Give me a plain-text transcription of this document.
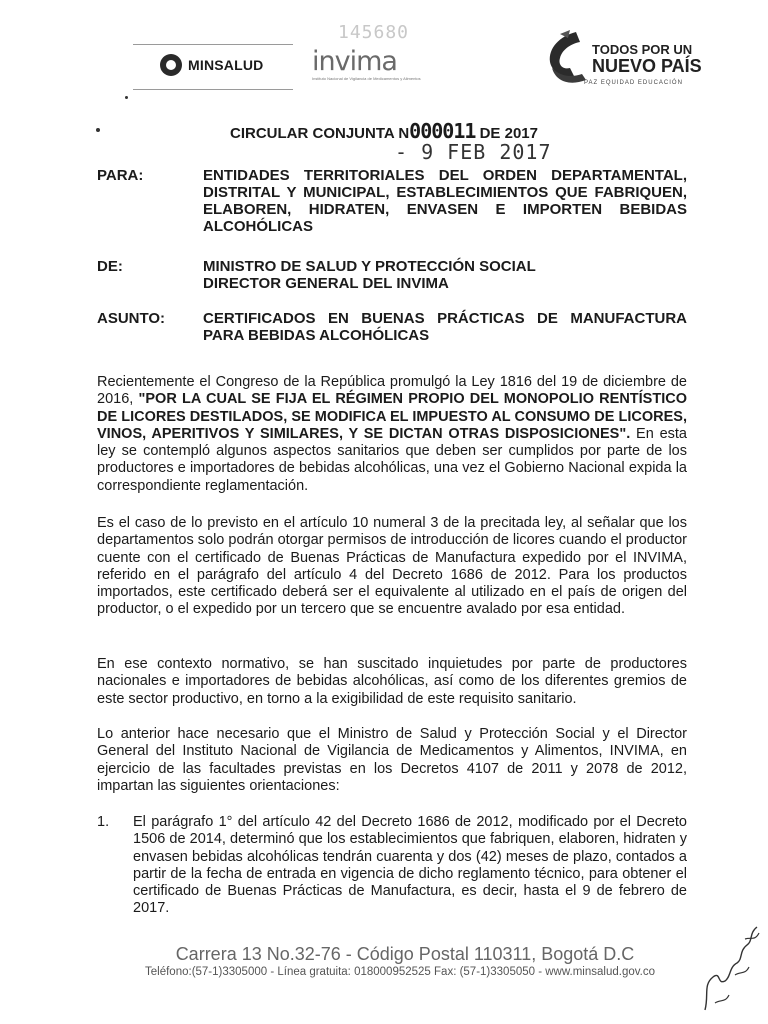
MINSALUD
145680
invima
Instituto Nacional de Vigilancia de Medicamentos y Alimentos
TODOS POR UN
NUEVO PAÍS
PAZ EQUIDAD EDUCACIÓN
CIRCULAR CONJUNTA N000011 DE 2017
- 9 FEB 2017
PARA:	ENTIDADES TERRITORIALES DEL ORDEN DEPARTAMENTAL, DISTRITAL Y MUNICIPAL, ESTABLECIMIENTOS QUE FABRIQUEN, ELABOREN, HIDRATEN, ENVASEN E IMPORTEN BEBIDAS ALCOHÓLICAS
DE:	MINISTRO DE SALUD Y PROTECCIÓN SOCIAL
DIRECTOR GENERAL DEL INVIMA
ASUNTO:	CERTIFICADOS EN BUENAS PRÁCTICAS DE MANUFACTURA PARA BEBIDAS ALCOHÓLICAS
Recientemente el Congreso de la República promulgó la Ley 1816 del 19 de diciembre de 2016, "POR LA CUAL SE FIJA EL RÉGIMEN PROPIO DEL MONOPOLIO RENTÍSTICO DE LICORES DESTILADOS, SE MODIFICA EL IMPUESTO AL CONSUMO DE LICORES, VINOS, APERITIVOS Y SIMILARES, Y SE DICTAN OTRAS DISPOSICIONES". En esta ley se contempló algunos aspectos sanitarios que deben ser cumplidos por parte de los productores e importadores de bebidas alcohólicas, una vez el Gobierno Nacional expida la correspondiente reglamentación.
Es el caso de lo previsto en el artículo 10 numeral 3 de la precitada ley, al señalar que los departamentos solo podrán otorgar permisos de introducción de licores cuando el productor cuente con el certificado de Buenas Prácticas de Manufactura expedido por el INVIMA, referido en el parágrafo del artículo 4 del Decreto 1686 de 2012. Para los productos importados, este certificado deberá ser el equivalente al utilizado en el país de origen del productor, o el expedido por un tercero que se encuentre avalado por esa entidad.
En ese contexto normativo, se han suscitado inquietudes por parte de productores nacionales e importadores de bebidas alcohólicas, así como de los diferentes gremios de este sector productivo, en torno a la exigibilidad de este requisito sanitario.
Lo anterior hace necesario que el Ministro de Salud y Protección Social y el Director General del Instituto Nacional de Vigilancia de Medicamentos y Alimentos, INVIMA, en ejercicio de las facultades previstas en los Decretos 4107 de 2011 y 2078 de 2012, impartan las siguientes orientaciones:
1. El parágrafo 1° del artículo 42 del Decreto 1686 de 2012, modificado por el Decreto 1506 de 2014, determinó que los establecimientos que fabriquen, elaboren, hidraten y envasen bebidas alcohólicas tendrán cuarenta y dos (42) meses de plazo, contados a partir de la fecha de entrada en vigencia de dicho reglamento técnico, para obtener el certificado de Buenas Prácticas de Manufactura, es decir, hasta el 9 de febrero de 2017.
Carrera 13 No.32-76 - Código Postal 110311, Bogotá D.C
Teléfono:(57-1)3305000 - Línea gratuita: 018000952525 Fax: (57-1)3305050 - www.minsalud.gov.co
